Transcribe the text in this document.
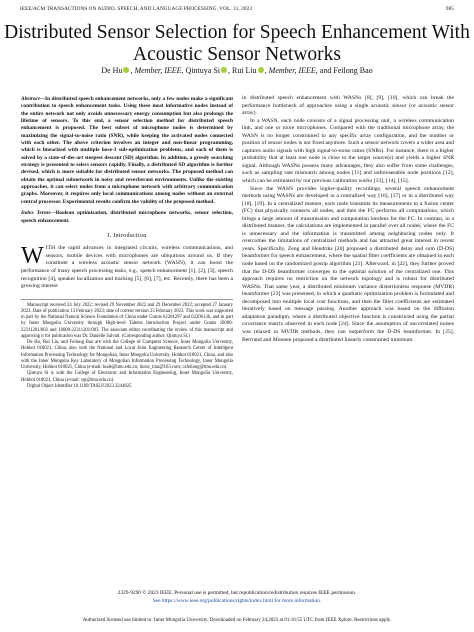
IEEE/ACM TRANSACTIONS ON AUDIO, SPEECH, AND LANGUAGE PROCESSING, VOL. 31, 2023	985
Distributed Sensor Selection for Speech Enhancement With Acoustic Sensor Networks
De Hu , Member, IEEE, Qintuya Si , Rui Liu , Member, IEEE, and Feilong Bao

Abstract—In distributed speech enhancement networks, only a few nodes make a significant contribution to speech enhancement tasks. Using these most informative nodes instead of the entire network not only avoids unnecessary energy consumption but also prolongs the lifetime of sensors. To this end, a sensor selection method for distributed speech enhancement is proposed. The best subset of microphone nodes is determined by maximizing the signal-to-noise ratio (SNR), while keeping the activated nodes connected with each other. The above criterion involves an integer and non-linear programming, which is linearized with multiple hose-3 sub-optimization problems, and each of them is solved by a state-of-the-art steepest descent (SD) algorithm. In addition, a greedy searching strategy is presented to select sensors rapidly. Finally, a distributed SD algorithm is further devised, which is more suitable for distributed sensor networks. The proposed method can obtain the optimal subnetwork in noisy and reverberant environments. Unlike the existing approaches, it can select nodes from a microphone network with arbitrary communication graphs. Moreover, it requires only local communications among nodes without an external central processor. Experimental results confirm the validity of the proposed method.

Index Terms—Boolean optimization, distributed microphone networks, sensor selection, speech enhancement.

I. Introduction

WITH the rapid advances in integrated circuits, wireless communications, and sensors, mobile devices with microphones are ubiquitous around us. If they constitute a wireless acoustic sensor network (WASN), it can boost the performance of many speech processing tasks, e.g., speech enhancement [1], [2], [3], speech recognition [4], speaker localization and tracking [5], [6], [7], etc. Recently, there has been a growing interest

Manuscript received 24 July 2022; revised 29 November 2022 and 29 December 2022; accepted 27 January 2023. Date of publication 13 February 2023; date of current version 23 February 2023. This work was supported in part by the National Natural Science Foundation of China under Grants 62201297 and 62206136, and in part by Inner Mongolia University through High-level Talents Introduction Project under Grants 10000-22311201/002 and 10000-22311201/003. The associate editor coordinating the review of this manuscript and approving it for publication was Dr. Danielle Salvati. (Corresponding author: Qintuya Si.)

De Hu, Rui Liu, and Feilong Bao are with the College of Computer Science, Inner Mongolia University, Hohhot 010021, China, also with the National and Local Joint Engineering Research Center of Intelligent Information Processing Technology for Mongolian, Inner Mongolia University, Hohhot 010021, China, and also with the Inner Mongolia Key Laboratory of Mongolian Information Processing Technology, Inner Mongolia University, Hohhot 010021, China (e-mail: hude@imu.edu.cn; liurui_imu@163.com; csfeilong@imu.edu.cn).

Qintuya Si is with the College of Electronic and Information Engineering, Inner Mongolia University, Hohhot 010021, China (e-mail: sqt@imu.edu.cn).

Digital Object Identifier 10.1109/TASLP.2023.3244825

in distributed speech enhancement with WASNs [8], [9], [10], which can break the performance bottleneck of approaches using a single acoustic sensor (or acoustic sensor array).

In a WASN, each node consists of a signal processing unit, a wireless communication link, and one or more microphones. Compared with the traditional microphone array, the WASN is no longer constrained to any specific array configuration, and the number or position of sensor nodes is not fixed anymore. Such a sensor network covers a wider area and captures audio signals with high signal-to-noise ratios (SNRs). For instance, there is a higher probability that at least one node is close to the target source(s) and yields a higher SNR signal. Although WASNs possess many advantages, they also suffer from some challenges, such as sampling rate mismatch among nodes [11] and unforeseeable node positions [12], which can be estimated by our previous calibration works [13], [14], [15].

Since the WASN provides higher-quality recordings, several speech enhancement methods using WASNs are developed in a centralized way [16], [17] or in a distributed way [18], [19]. In a centralized manner, each node transmits its measurements to a fusion center (FC) that physically connects all nodes, and then the FC performs all computations, which brings a large amount of transmission and computation burdens for the FC. In contrast, in a distributed manner, the calculations are implemented in parallel over all nodes, where the FC is unnecessary and the information is transmitted among neighboring nodes only. It overcomes the limitations of centralized methods and has attracted great interest in recent years. Specifically, Zeng and Hendriks [20] proposed a distributed delay and sum (D-DS) beamformer for speech enhancement, where the spatial filter coefficients are obtained in each node based on the randomized gossip algorithm [21]. Afterward, in [22], they further proved that the D-DS beamformer converges to the optimal solution of the centralized one. This approach requires no restriction on the network topology and is robust for distributed WASNs. That same year, a distributed minimum variance distortionless response (MVDR) beamformer [23] was presented, in which a quadratic optimization problem is formulated and decomposed into multiple local cost functions, and then the filter coefficients are estimated iteratively based on message passing. Another approach was based on the diffusion adaptation paradigm, where a distributed objective function is constructed using the partial covariance matrix observed in each node [24]. Since the assumption of uncorrelated noises was relaxed in MVDR methods, they can outperform the D-DS beamformer. In [25], Bertrand and Moonen proposed a distributed linearly constrained minimum

2329-9290 © 2023 IEEE. Personal use is permitted, but republication/redistribution requires IEEE permission.
See https://www.ieee.org/publications/rights/index.html for more information.
Authorized licensed use limited to: Inner Mongolia University. Downloaded on February 24,2023 at 01:16:55 UTC from IEEE Xplore. Restrictions apply.
